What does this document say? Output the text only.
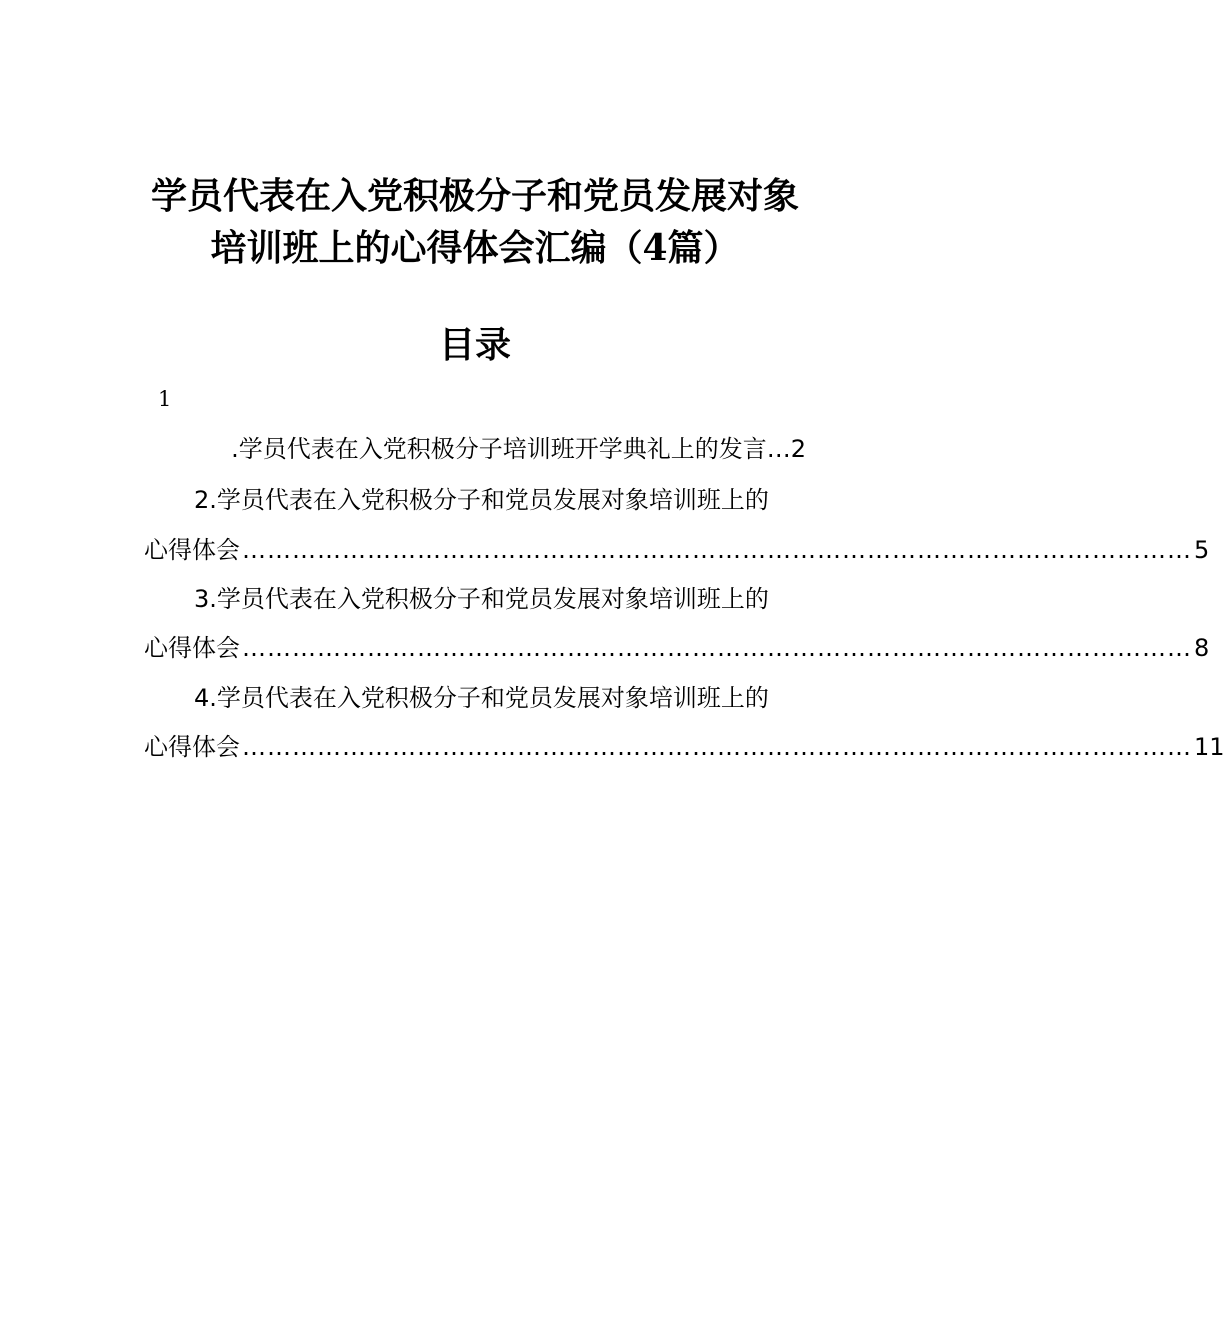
学员代表在入党积极分子和党员发展对象
培训班上的心得体会汇编（4篇）
目录
1
.学员代表在入党积极分子培训班开学典礼上的发言…2
2.学员代表在入党积极分子和党员发展对象培训班上的
心得体会 …………………………………………………………………………………………………… 5
3.学员代表在入党积极分子和党员发展对象培训班上的
心得体会 …………………………………………………………………………………………………… 8
4.学员代表在入党积极分子和党员发展对象培训班上的
心得体会 …………………………………………………………………………………………………… 11
